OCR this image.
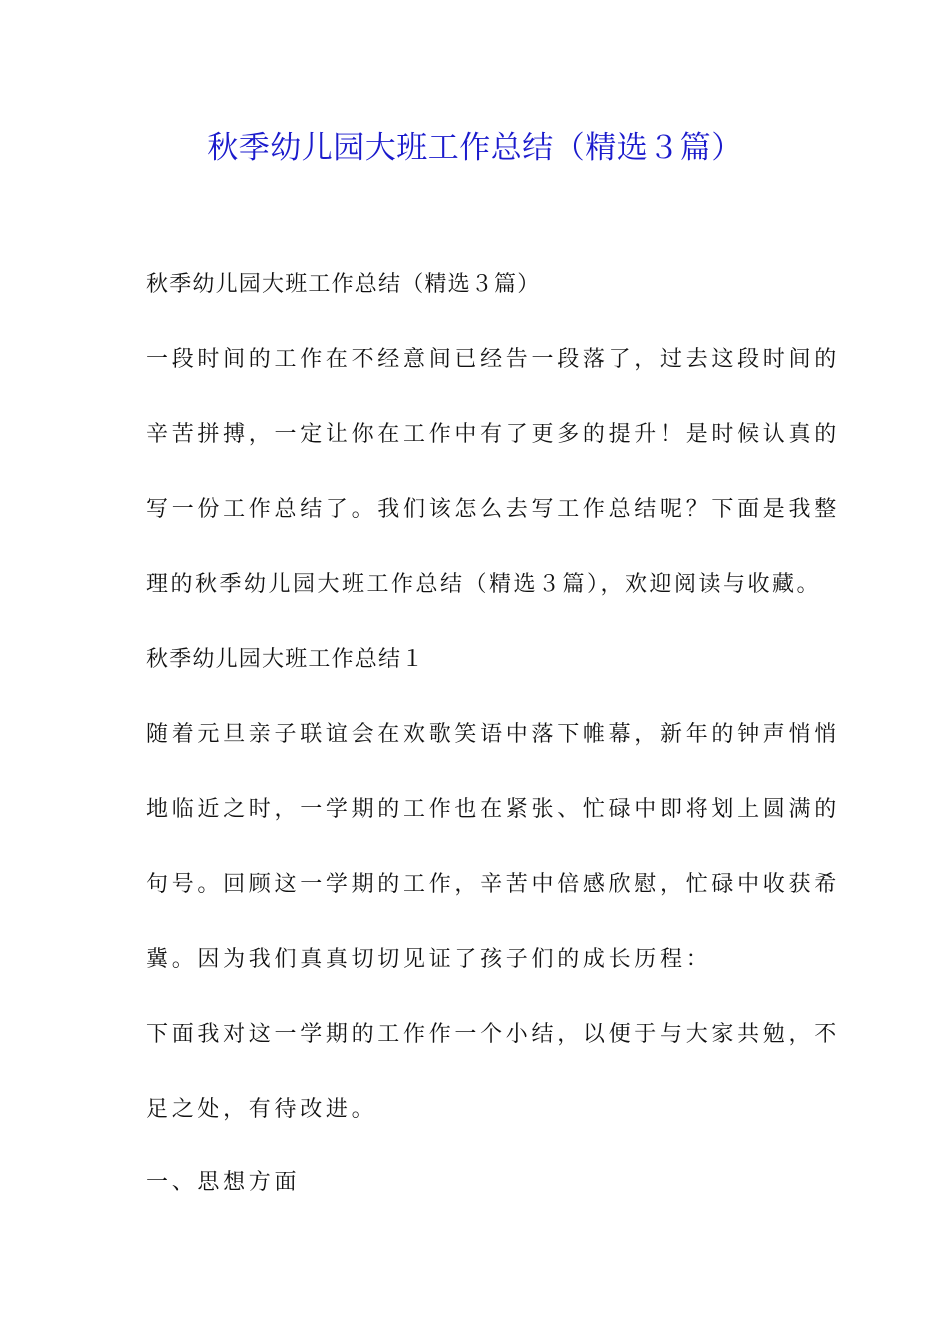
秋季幼儿园大班工作总结（精选３篇）
秋季幼儿园大班工作总结（精选３篇）
一段时间的工作在不经意间已经告一段落了，过去这段时间的
辛苦拼搏，一定让你在工作中有了更多的提升！是时候认真的
写一份工作总结了。我们该怎么去写工作总结呢？下面是我整
理的秋季幼儿园大班工作总结（精选３篇），欢迎阅读与收藏。
秋季幼儿园大班工作总结１
随着元旦亲子联谊会在欢歌笑语中落下帷幕，新年的钟声悄悄
地临近之时，一学期的工作也在紧张、忙碌中即将划上圆满的
句号。回顾这一学期的工作，辛苦中倍感欣慰，忙碌中收获希
冀。因为我们真真切切见证了孩子们的成长历程：
下面我对这一学期的工作作一个小结，以便于与大家共勉，不
足之处，有待改进。
一、思想方面
